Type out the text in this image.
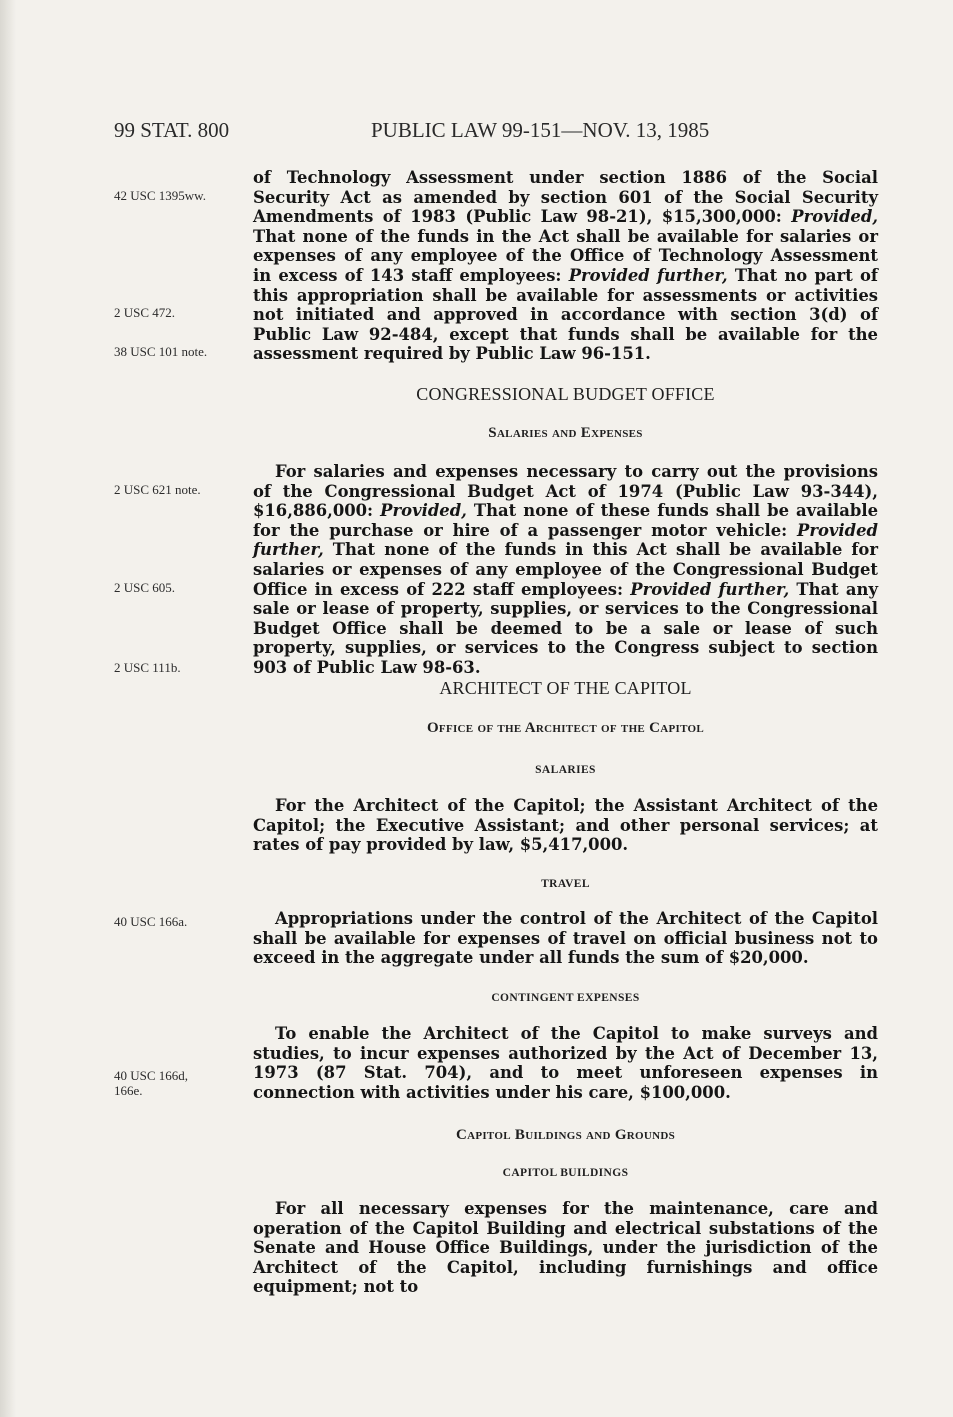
99 STAT. 800	PUBLIC LAW 99-151—NOV. 13, 1985
42 USC 1395ww.
2 USC 472.
38 USC 101 note.
2 USC 621 note.
2 USC 605.
2 USC 111b.
40 USC 166a.
40 USC 166d, 166e.
of Technology Assessment under section 1886 of the Social Security Act as amended by section 601 of the Social Security Amendments of 1983 (Public Law 98-21), $15,300,000: Provided, That none of the funds in the Act shall be available for salaries or expenses of any employee of the Office of Technology Assessment in excess of 143 staff employees: Provided further, That no part of this appropriation shall be available for assessments or activities not initiated and approved in accordance with section 3(d) of Public Law 92-484, except that funds shall be available for the assessment required by Public Law 96-151.
CONGRESSIONAL BUDGET OFFICE
Salaries and Expenses
For salaries and expenses necessary to carry out the provisions of the Congressional Budget Act of 1974 (Public Law 93-344), $16,886,000: Provided, That none of these funds shall be available for the purchase or hire of a passenger motor vehicle: Provided further, That none of the funds in this Act shall be available for salaries or expenses of any employee of the Congressional Budget Office in excess of 222 staff employees: Provided further, That any sale or lease of property, supplies, or services to the Congressional Budget Office shall be deemed to be a sale or lease of such property, supplies, or services to the Congress subject to section 903 of Public Law 98-63.
ARCHITECT OF THE CAPITOL
Office of the Architect of the Capitol
SALARIES
For the Architect of the Capitol; the Assistant Architect of the Capitol; the Executive Assistant; and other personal services; at rates of pay provided by law, $5,417,000.
TRAVEL
Appropriations under the control of the Architect of the Capitol shall be available for expenses of travel on official business not to exceed in the aggregate under all funds the sum of $20,000.
CONTINGENT EXPENSES
To enable the Architect of the Capitol to make surveys and studies, to incur expenses authorized by the Act of December 13, 1973 (87 Stat. 704), and to meet unforeseen expenses in connection with activities under his care, $100,000.
Capitol Buildings and Grounds
CAPITOL BUILDINGS
For all necessary expenses for the maintenance, care and operation of the Capitol Building and electrical substations of the Senate and House Office Buildings, under the jurisdiction of the Architect of the Capitol, including furnishings and office equipment; not to
